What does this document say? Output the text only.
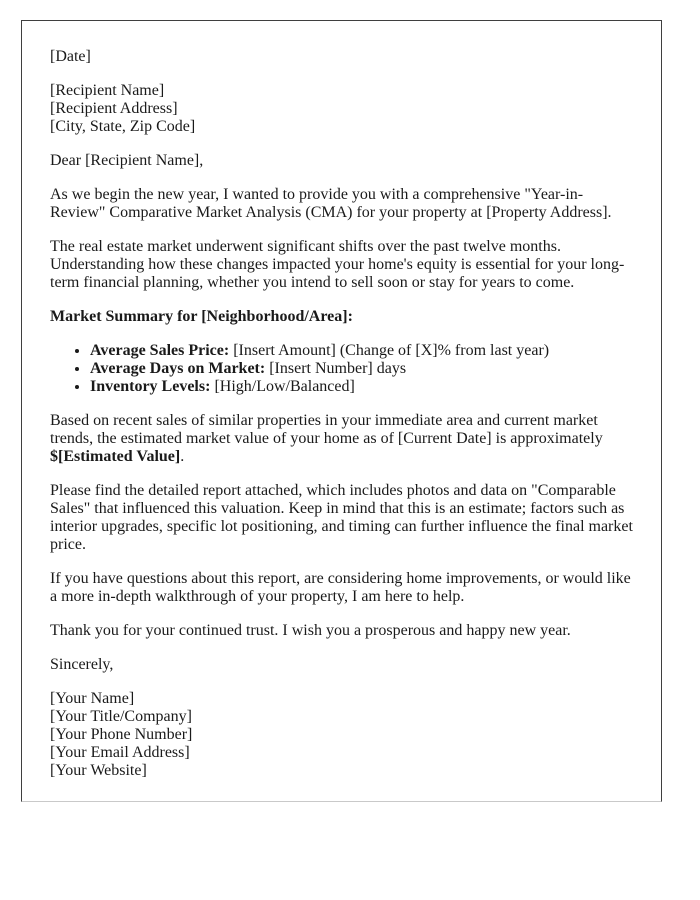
[Date]

[Recipient Name]
[Recipient Address]
[City, State, Zip Code]

Dear [Recipient Name],

As we begin the new year, I wanted to provide you with a comprehensive "Year-in-Review" Comparative Market Analysis (CMA) for your property at [Property Address].

The real estate market underwent significant shifts over the past twelve months. Understanding how these changes impacted your home's equity is essential for your long-term financial planning, whether you intend to sell soon or stay for years to come.

Market Summary for [Neighborhood/Area]:

• Average Sales Price: [Insert Amount] (Change of [X]% from last year)
• Average Days on Market: [Insert Number] days
• Inventory Levels: [High/Low/Balanced]

Based on recent sales of similar properties in your immediate area and current market trends, the estimated market value of your home as of [Current Date] is approximately $[Estimated Value].

Please find the detailed report attached, which includes photos and data on "Comparable Sales" that influenced this valuation. Keep in mind that this is an estimate; factors such as interior upgrades, specific lot positioning, and timing can further influence the final market price.

If you have questions about this report, are considering home improvements, or would like a more in-depth walkthrough of your property, I am here to help.

Thank you for your continued trust. I wish you a prosperous and happy new year.

Sincerely,

[Your Name]
[Your Title/Company]
[Your Phone Number]
[Your Email Address]
[Your Website]
